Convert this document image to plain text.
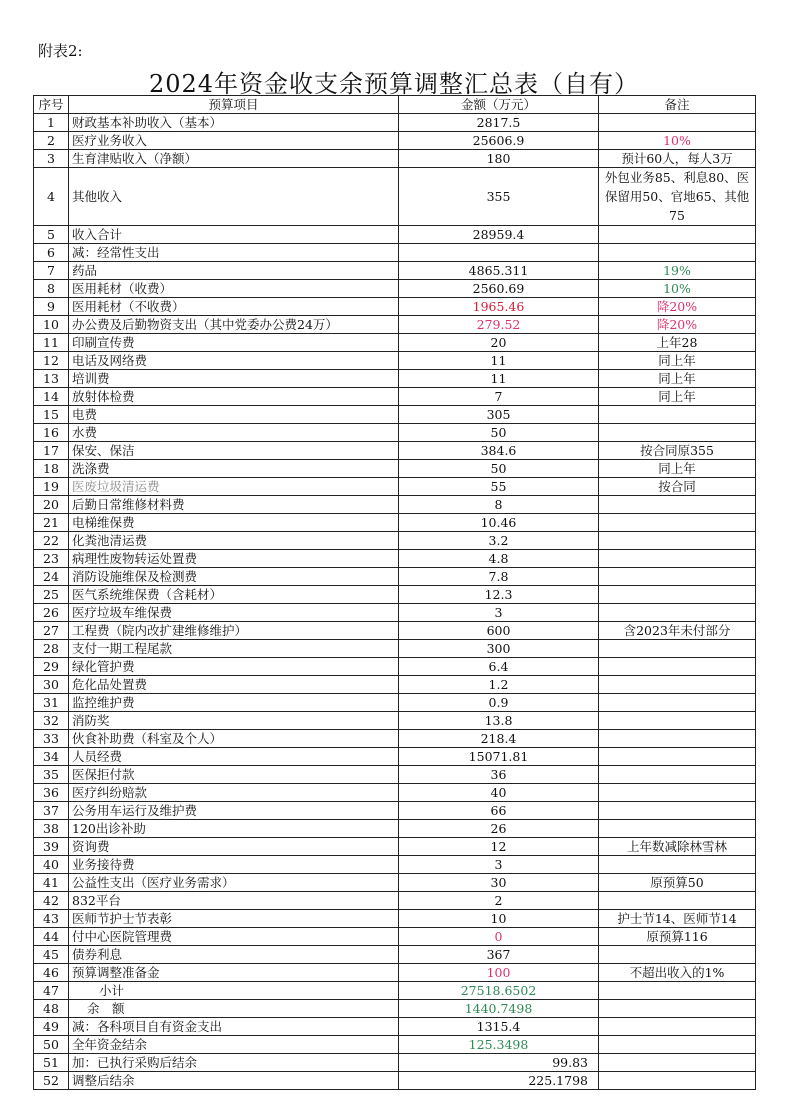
附表2:
2024年资金收支余预算调整汇总表（自有）
序号	预算项目	金额（万元）	备注
1	财政基本补助收入（基本）	2817.5	
2	医疗业务收入	25606.9	10%
3	生育津贴收入（净额）	180	预计60人，每人3万
4	其他收入	355	外包业务85、利息80、医保留用50、官地65、其他75

5	收入合计	28959.4	
6	减：经常性支出		
7	药品	4865.311	19%
8	医用耗材（收费）	2560.69	10%
9	医用耗材（不收费）	1965.46	降20%
10	办公费及后勤物资支出（其中党委办公费24万）	279.52	降20%
11	印刷宣传费	20	上年28
12	电话及网络费	11	同上年
13	培训费	11	同上年
14	放射体检费	7	同上年
15	电费	305	
16	水费	50	
17	保安、保洁	384.6	按合同原355
18	洗涤费	50	同上年
19	医废垃圾清运费	55	按合同
20	后勤日常维修材料费	8	
21	电梯维保费	10.46	
22	化粪池清运费	3.2	
23	病理性废物转运处置费	4.8	
24	消防设施维保及检测费	7.8	
25	医气系统维保费（含耗材）	12.3	
26	医疗垃圾车维保费	3	
27	工程费（院内改扩建维修维护）	600	含2023年未付部分
28	支付一期工程尾款	300	
29	绿化管护费	6.4	
30	危化品处置费	1.2	
31	监控维护费	0.9	
32	消防奖	13.8	
33	伙食补助费（科室及个人）	218.4	
34	人员经费	15071.81	
35	医保拒付款	36	
36	医疗纠纷赔款	40	
37	公务用车运行及维护费	66	
38	120出诊补助	26	
39	资询费	12	上年数减除林雪林
40	业务接待费	3	
41	公益性支出（医疗业务需求）	30	原预算50
42	832平台	2	
43	医师节护士节表彰	10	护士节14、医师节14
44	付中心医院管理费	0	原预算116
45	债券利息	367	
46	预算调整准备金	100	不超出收入的1%
47	小计	27518.6502	
48	余　额	1440.7498	
49	减：各科项目自有资金支出	1315.4	
50	全年资金结余	125.3498	
51	加：已执行采购后结余	99.83	
52	调整后结余	225.1798	
